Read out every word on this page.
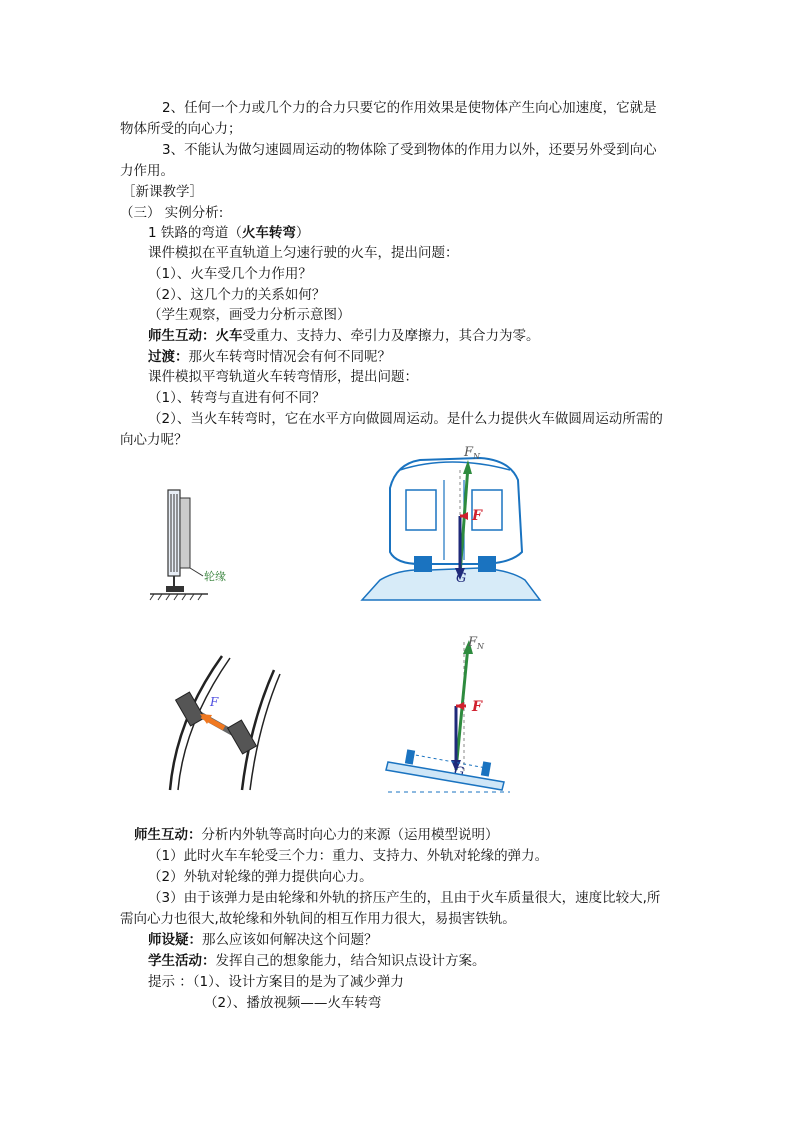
2、任何一个力或几个力的合力只要它的作用效果是使物体产生向心加速度，它就是
物体所受的向心力；
3、不能认为做匀速圆周运动的物体除了受到物体的作用力以外，还要另外受到向心
力作用。
［新课教学］
（三） 实例分析:
1 铁路的弯道（火车转弯）
课件模拟在平直轨道上匀速行驶的火车，提出问题：
（1）、火车受几个力作用？
（2）、这几个力的关系如何？
（学生观察，画受力分析示意图）
师生互动：火车受重力、支持力、牵引力及摩擦力，其合力为零。
过渡：那火车转弯时情况会有何不同呢？
课件模拟平弯轨道火车转弯情形，提出问题：
（1）、转弯与直进有何不同？
（2）、当火车转弯时，它在水平方向做圆周运动。是什么力提供火车做圆周运动所需的
向心力呢？
轮缘
$F_N$
F
G
F
$F_N$
F
G
师生互动：分析内外轨等高时向心力的来源（运用模型说明）
（1）此时火车车轮受三个力：重力、支持力、外轨对轮缘的弹力。
（2）外轨对轮缘的弹力提供向心力。
（3）由于该弹力是由轮缘和外轨的挤压产生的，且由于火车质量很大，速度比较大,所
需向心力也很大,故轮缘和外轨间的相互作用力很大，易损害铁轨。
师设疑：那么应该如何解决这个问题？
学生活动：发挥自己的想象能力，结合知识点设计方案。
提示 ：（1）、设计方案目的是为了减少弹力
（2）、播放视频——火车转弯
